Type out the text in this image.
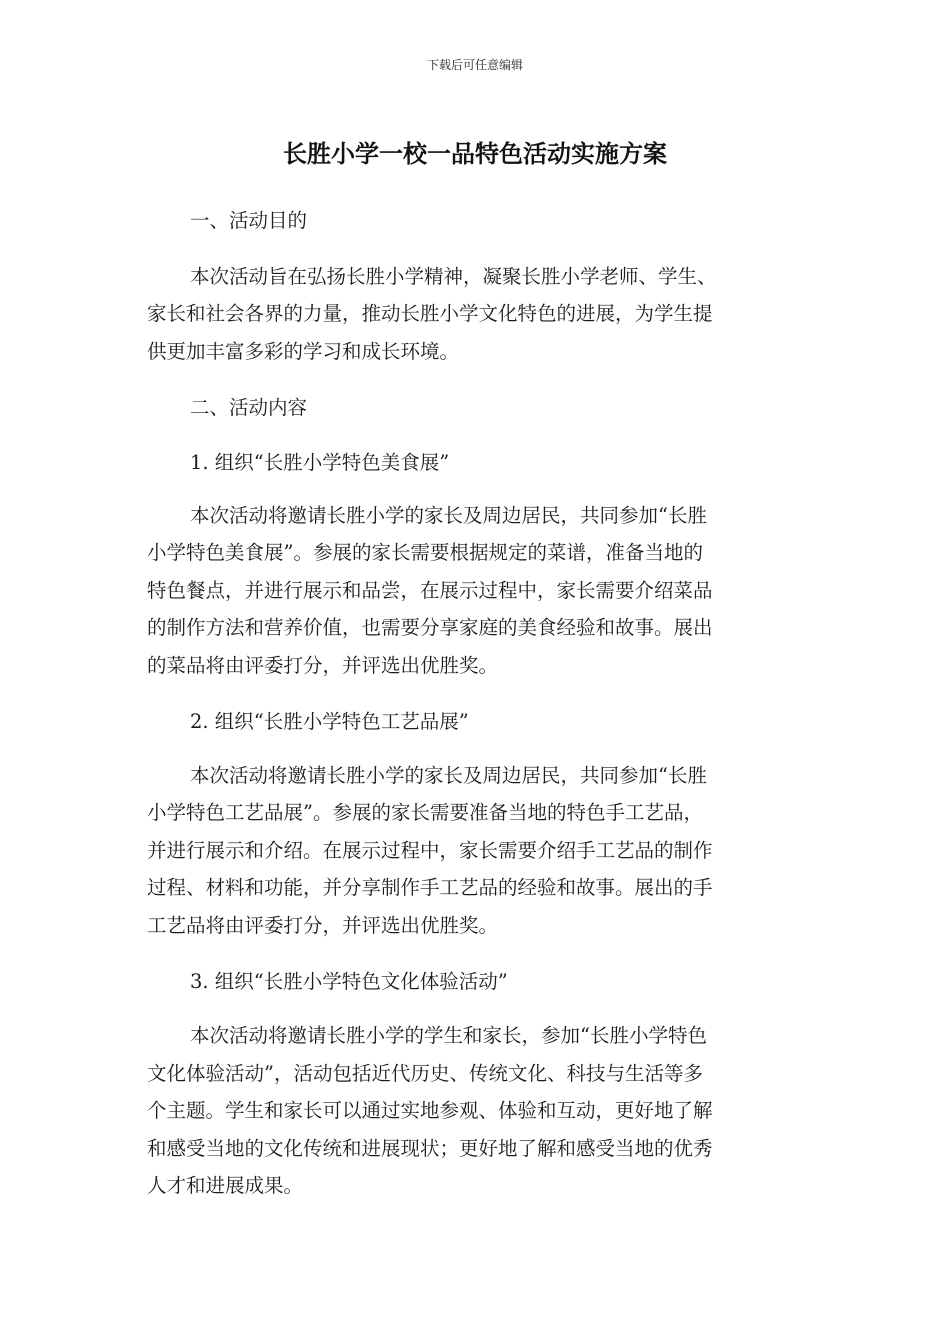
下载后可任意编辑
长胜小学一校一品特色活动实施方案
一、活动目的
本次活动旨在弘扬长胜小学精神，凝聚长胜小学老师、学生、
家长和社会各界的力量，推动长胜小学文化特色的进展，为学生提
供更加丰富多彩的学习和成长环境。
二、活动内容
1. 组织“长胜小学特色美食展”
本次活动将邀请长胜小学的家长及周边居民，共同参加“长胜
小学特色美食展”。参展的家长需要根据规定的菜谱，准备当地的
特色餐点，并进行展示和品尝，在展示过程中，家长需要介绍菜品
的制作方法和营养价值，也需要分享家庭的美食经验和故事。展出
的菜品将由评委打分，并评选出优胜奖。
2. 组织“长胜小学特色工艺品展”
本次活动将邀请长胜小学的家长及周边居民，共同参加“长胜
小学特色工艺品展”。参展的家长需要准备当地的特色手工艺品，
并进行展示和介绍。在展示过程中，家长需要介绍手工艺品的制作
过程、材料和功能，并分享制作手工艺品的经验和故事。展出的手
工艺品将由评委打分，并评选出优胜奖。
3. 组织“长胜小学特色文化体验活动”
本次活动将邀请长胜小学的学生和家长，参加“长胜小学特色
文化体验活动”，活动包括近代历史、传统文化、科技与生活等多
个主题。学生和家长可以通过实地参观、体验和互动，更好地了解
和感受当地的文化传统和进展现状；更好地了解和感受当地的优秀
人才和进展成果。
